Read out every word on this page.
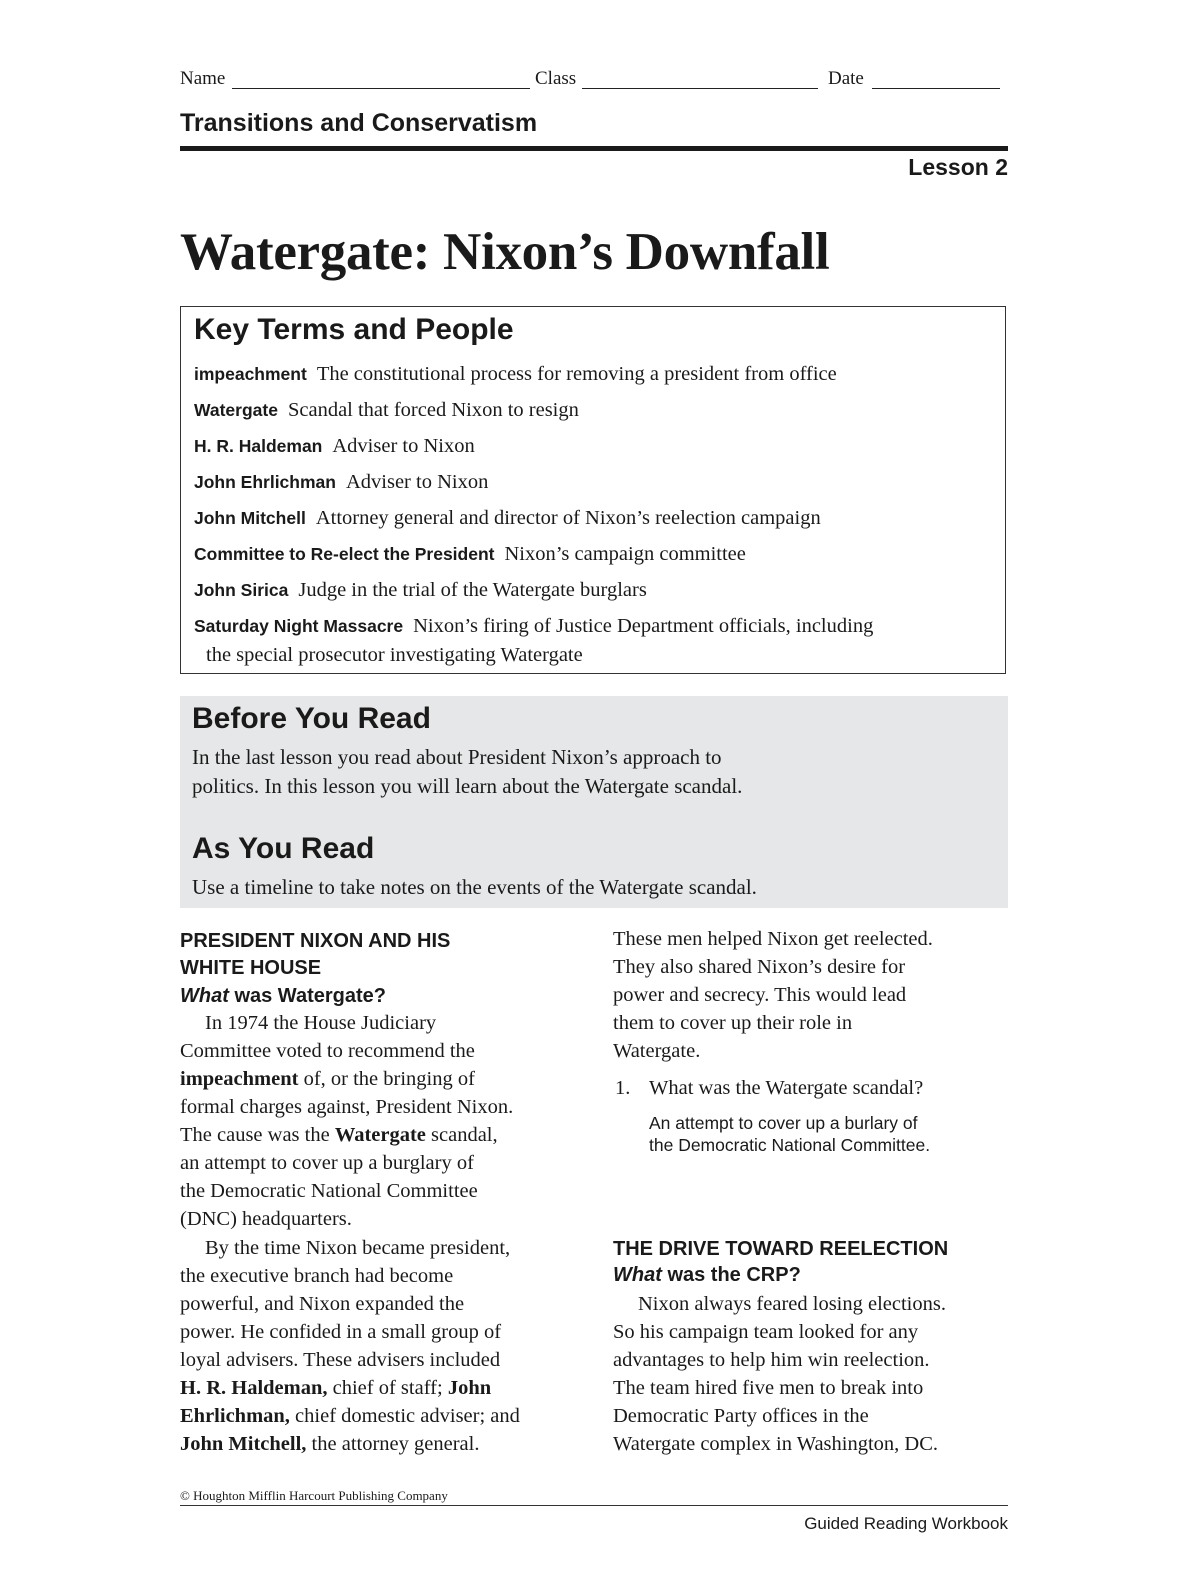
Name	Class	Date
Transitions and Conservatism
Lesson 2
Watergate: Nixon’s Downfall
Key Terms and People
impeachment The constitutional process for removing a president from office
Watergate Scandal that forced Nixon to resign
H. R. Haldeman Adviser to Nixon
John Ehrlichman Adviser to Nixon
John Mitchell Attorney general and director of Nixon’s reelection campaign
Committee to Re-elect the President Nixon’s campaign committee
John Sirica Judge in the trial of the Watergate burglars
Saturday Night Massacre Nixon’s firing of Justice Department officials, including
the special prosecutor investigating Watergate
Before You Read
In the last lesson you read about President Nixon’s approach to
politics. In this lesson you will learn about the Watergate scandal.
As You Read
Use a timeline to take notes on the events of the Watergate scandal.
PRESIDENT NIXON AND HIS
WHITE HOUSE
What was Watergate?
In 1974 the House Judiciary
Committee voted to recommend the
impeachment of, or the bringing of
formal charges against, President Nixon.
The cause was the Watergate scandal,
an attempt to cover up a burglary of
the Democratic National Committee
(DNC) headquarters.
By the time Nixon became president,
the executive branch had become
powerful, and Nixon expanded the
power. He confided in a small group of
loyal advisers. These advisers included
H. R. Haldeman, chief of staff; John
Ehrlichman, chief domestic adviser; and
John Mitchell, the attorney general.
These men helped Nixon get reelected.
They also shared Nixon’s desire for
power and secrecy. This would lead
them to cover up their role in
Watergate.
1. What was the Watergate scandal?
An attempt to cover up a burlary of
the Democratic National Committee.
THE DRIVE TOWARD REELECTION
What was the CRP?
Nixon always feared losing elections.
So his campaign team looked for any
advantages to help him win reelection.
The team hired five men to break into
Democratic Party offices in the
Watergate complex in Washington, DC.
© Houghton Mifflin Harcourt Publishing Company
Guided Reading Workbook
